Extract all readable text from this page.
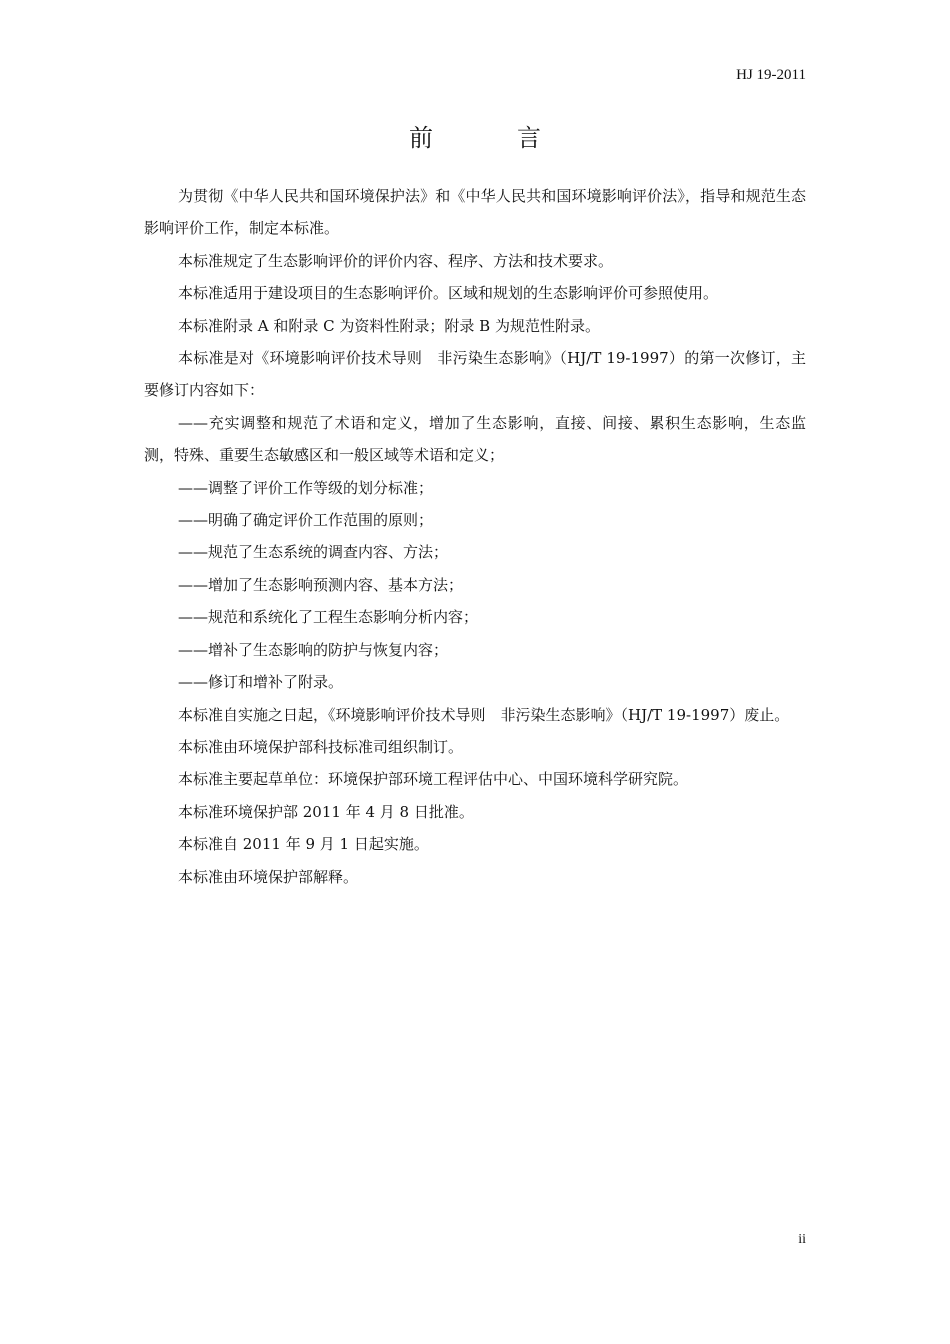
HJ 19-2011
前　言

为贯彻《中华人民共和国环境保护法》和《中华人民共和国环境影响评价法》，指导和规范生态影响评价工作，制定本标准。

本标准规定了生态影响评价的评价内容、程序、方法和技术要求。

本标准适用于建设项目的生态影响评价。区域和规划的生态影响评价可参照使用。

本标准附录 A 和附录 C 为资料性附录；附录 B 为规范性附录。

本标准是对《环境影响评价技术导则　非污染生态影响》（HJ/T 19-1997）的第一次修订，主要修订内容如下：

——充实调整和规范了术语和定义，增加了生态影响，直接、间接、累积生态影响，生态监测，特殊、重要生态敏感区和一般区域等术语和定义；

——调整了评价工作等级的划分标准；

——明确了确定评价工作范围的原则；

——规范了生态系统的调查内容、方法；

——增加了生态影响预测内容、基本方法；

——规范和系统化了工程生态影响分析内容；

——增补了生态影响的防护与恢复内容；

——修订和增补了附录。

本标准自实施之日起，《环境影响评价技术导则　非污染生态影响》（HJ/T 19-1997）废止。

本标准由环境保护部科技标准司组织制订。

本标准主要起草单位：环境保护部环境工程评估中心、中国环境科学研究院。

本标准环境保护部 2011 年 4 月 8 日批准。

本标准自 2011 年 9 月 1 日起实施。

本标准由环境保护部解释。

ii
